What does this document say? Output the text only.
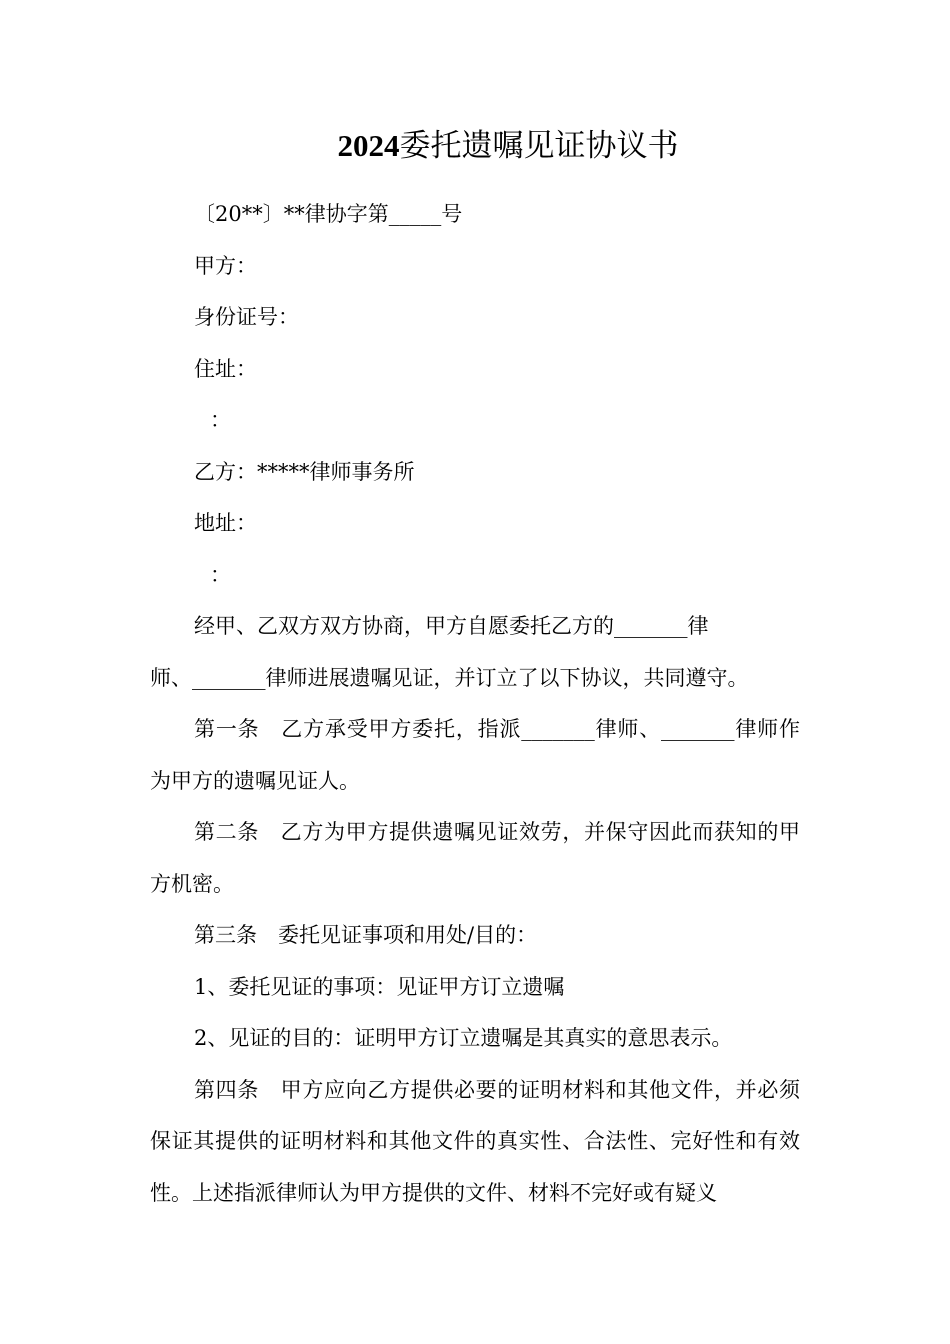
2024委托遗嘱见证协议书
〔20**〕**律协字第_____号
甲方：
身份证号：
住址：
：
乙方：*****律师事务所
地址：
：
经甲、乙双方双方协商，甲方自愿委托乙方的_______律
师、_______律师进展遗嘱见证，并订立了以下协议，共同遵守。
第一条　乙方承受甲方委托，指派_______律师、_______律师作为甲方的遗嘱见证人。
第二条　乙方为甲方提供遗嘱见证效劳，并保守因此而获知的甲方机密。
第三条　委托见证事项和用处/目的：
1、委托见证的事项：见证甲方订立遗嘱
2、见证的目的：证明甲方订立遗嘱是其真实的意思表示。
第四条　甲方应向乙方提供必要的证明材料和其他文件，并必须保证其提供的证明材料和其他文件的真实性、合法性、完好性和有效性。上述指派律师认为甲方提供的文件、材料不完好或有疑义
